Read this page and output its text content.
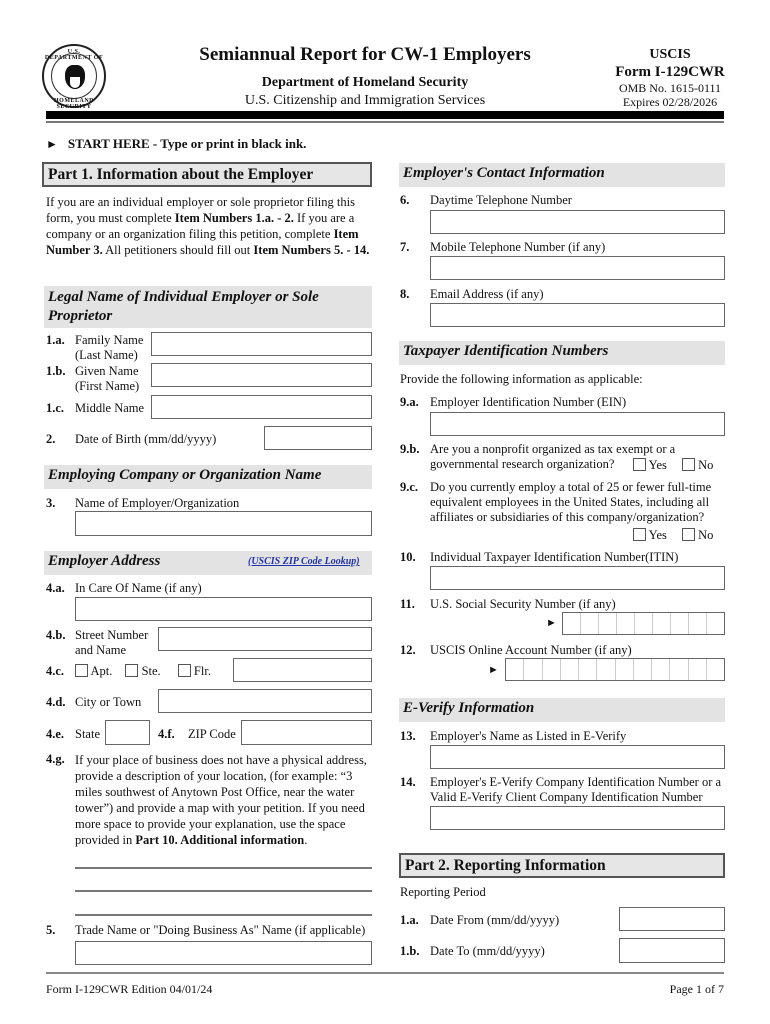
U.S. DEPARTMENT OF
HOMELAND SECURITY
Semiannual Report for CW-1 Employers
Department of Homeland Security
U.S. Citizenship and Immigration Services
USCIS
Form I-129CWR
OMB No. 1615-0111
Expires 02/28/2026
► START HERE - Type or print in black ink.
Part 1. Information about the Employer
If you are an individual employer or sole proprietor filing this form, you must complete Item Numbers 1.a. - 2. If you are a company or an organization filing this petition, complete Item Number 3. All petitioners should fill out Item Numbers 5. - 14.
Legal Name of Individual Employer or Sole Proprietor
1.a. Family Name
(Last Name)
1.b. Given Name
(First Name)
1.c. Middle Name
2. Date of Birth (mm/dd/yyyy)
Employing Company or Organization Name
3. Name of Employer/Organization
Employer Address	(USCIS ZIP Code Lookup)
4.a. In Care Of Name (if any)
4.b. Street Number
and Name
4.c.	Apt. Ste.	Flr.
4.d. City or Town
4.e. State	4.f. ZIP Code
4.g. If your place of business does not have a physical address, provide a description of your location, (for example: “3 miles southwest of Anytown Post Office, near the water tower”) and provide a map with your petition. If you need more space to provide your explanation, use the space provided in Part 10. Additional information.
5. Trade Name or "Doing Business As" Name (if applicable)
Employer's Contact Information
6. Daytime Telephone Number
7. Mobile Telephone Number (if any)
8. Email Address (if any)
Taxpayer Identification Numbers
Provide the following information as applicable:
9.a. Employer Identification Number (EIN)
9.b. Are you a nonprofit organized as tax exempt or a
governmental research organization?	Yes	No
9.c. Do you currently employ a total of 25 or fewer full-time
equivalent employees in the United States, including all
affiliates or subsidiaries of this company/organization?
Yes	No
10. Individual Taxpayer Identification Number(ITIN)
11. U.S. Social Security Number (if any)
►
12. USCIS Online Account Number (if any)
►
E-Verify Information
13. Employer's Name as Listed in E-Verify
14. Employer's E-Verify Company Identification Number or a
Valid E-Verify Client Company Identification Number
Part 2. Reporting Information
Reporting Period
1.a. Date From (mm/dd/yyyy)
1.b. Date To (mm/dd/yyyy)
Form I-129CWR Edition 04/01/24	Page 1 of 7
